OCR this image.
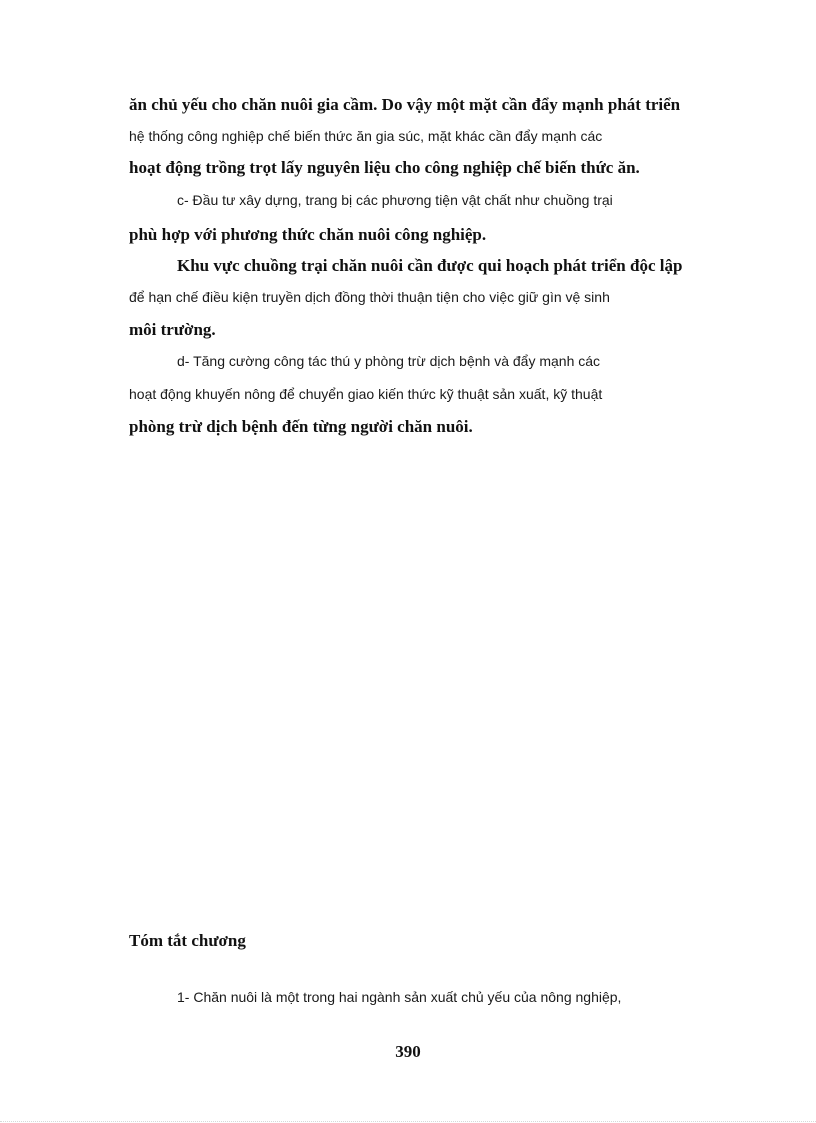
ăn chủ yếu cho chăn nuôi gia cầm. Do vậy một mặt cần đẩy mạnh phát triển
hệ thống công nghiệp chế biến thức ăn gia súc, mặt khác cần đẩy mạnh các
hoạt động trồng trọt lấy nguyên liệu cho công nghiệp chế biến thức ăn.
c- Đầu tư xây dựng, trang bị các phương tiện vật chất như chuồng trại
phù hợp với phương thức chăn nuôi công nghiệp.
Khu vực chuồng trại chăn nuôi cần được qui hoạch phát triển độc lập
để hạn chế điều kiện truyền dịch đồng thời thuận tiện cho việc giữ gìn vệ sinh
môi trường.
d- Tăng cường công tác thú y phòng trừ dịch bệnh và đẩy mạnh các
hoạt động khuyến nông để chuyển giao kiến thức kỹ thuật sản xuất, kỹ thuật
phòng trừ dịch bệnh đến từng người chăn nuôi.
Tóm tắt chương
1- Chăn nuôi là một trong hai ngành sản xuất chủ yếu của nông nghiệp,
390
